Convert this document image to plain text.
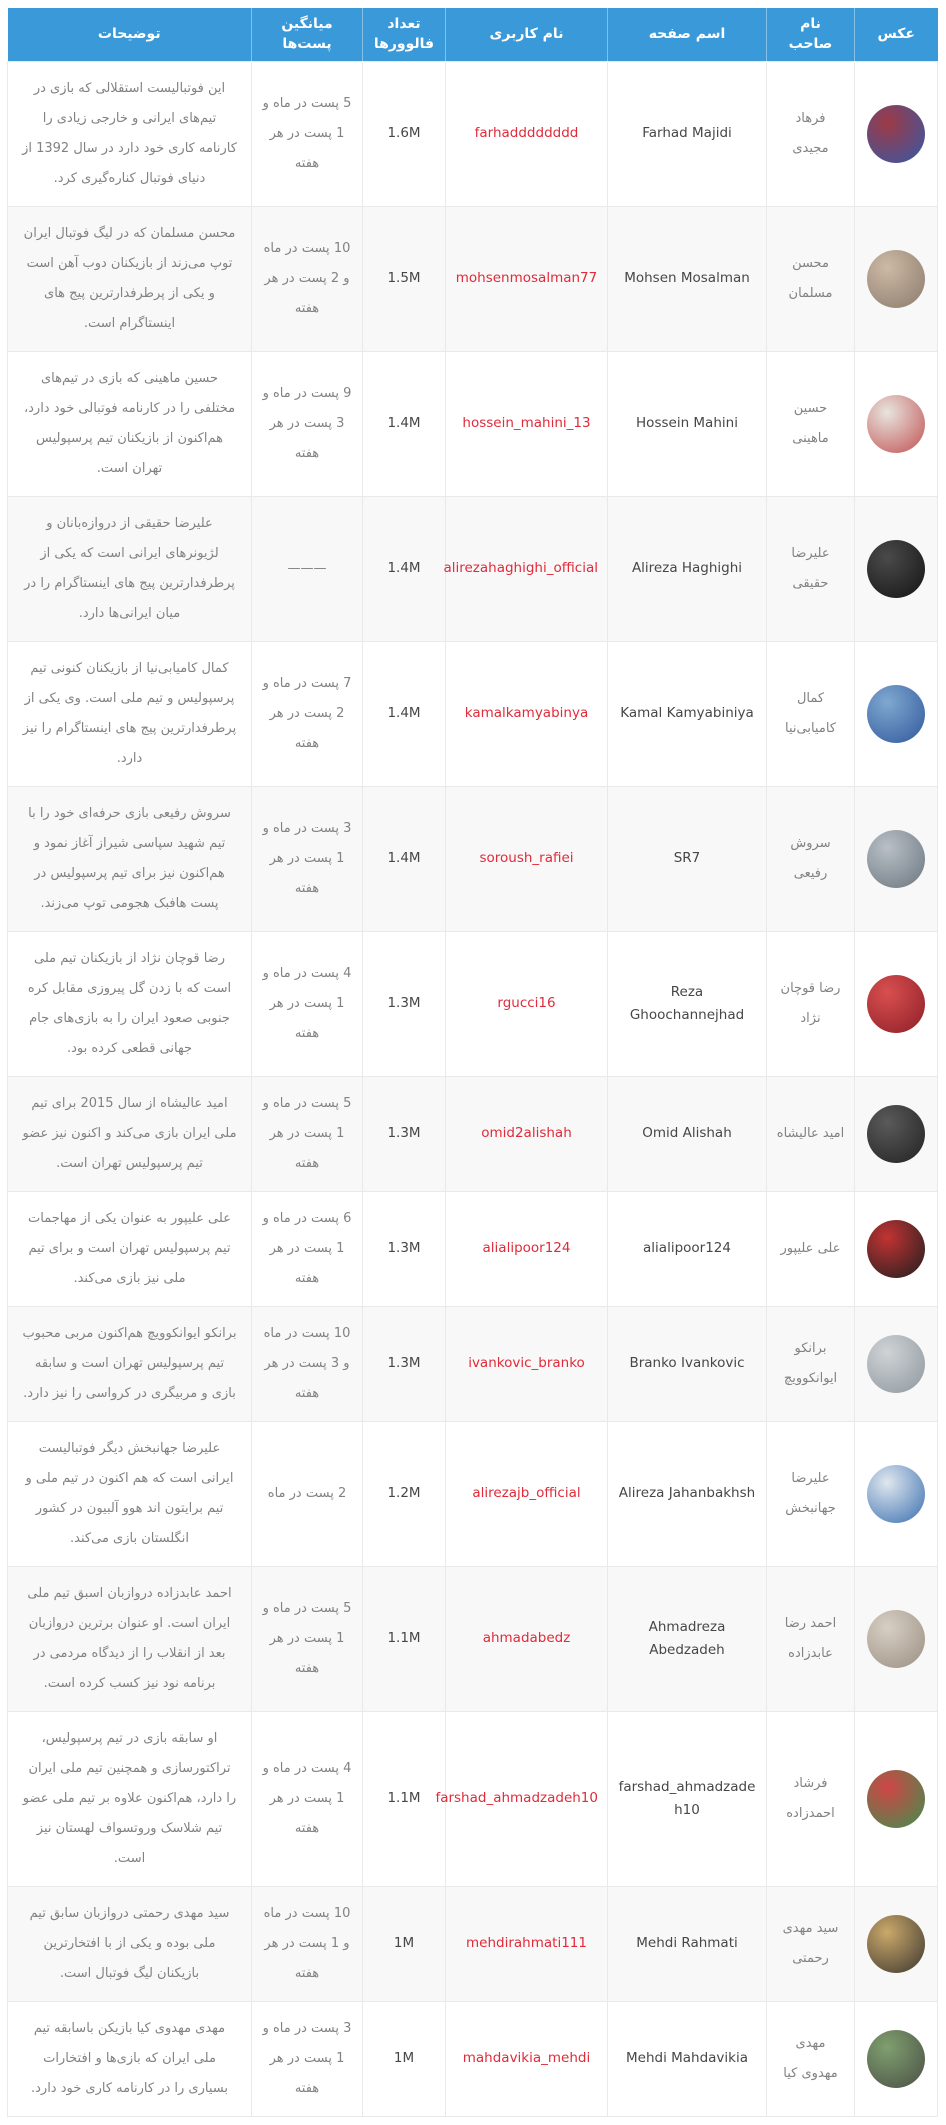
عکس	نام صاحب	اسم صفحه	نام کاربری	تعداد فالوورها	میانگین پست‌ها	توضیحات

	فرهاد مجیدی	Farhad Majidi	farhadddddddd	1.6M	5 پست در ماه و 1 پست در هر هفته	این فوتبالیست استقلالی که بازی در تیم‌های ایرانی و خارجی زیادی را کارنامه کاری خود دارد در سال 1392 از دنیای فوتبال کناره‌گیری کرد.

	محسن مسلمان	Mohsen Mosalman	mohsenmosalman77	1.5M	10 پست در ماه و 2 پست در هر هفته	محسن مسلمان که در لیگ فوتبال ایران توپ می‌زند از بازیکنان دوب آهن است و یکی از پرطرفدارترین پیج های اینستاگرام است.

	حسین ماهینی	Hossein Mahini	hossein_mahini_13	1.4M	9 پست در ماه و 3 پست در هر هفته	حسین ماهینی که بازی در تیم‌های مختلفی را در کارنامه فوتبالی خود دارد، هم‌اکنون از بازیکنان تیم پرسپولیس تهران است.

	علیرضا حقیقی	Alireza Haghighi	alirezahaghighi_official	1.4M	———	علیرضا حقیقی از دروازه‌بانان و لژیونرهای ایرانی است که یکی از پرطرفدارترین پیج های اینستاگرام را در میان ایرانی‌ها دارد.

	کمال کامیابی‌نیا	Kamal Kamyabiniya	kamalkamyabinya	1.4M	7 پست در ماه و 2 پست در هر هفته	کمال کامیابی‌نیا از بازیکنان کنونی تیم پرسپولیس و تیم ملی است. وی یکی از پرطرفدارترین پیج های اینستاگرام را نیز دارد.

	سروش رفیعی	SR7	soroush_rafiei	1.4M	3 پست در ماه و 1 پست در هر هفته	سروش رفیعی بازی حرفه‌ای خود را با تیم شهید سپاسی شیراز آغاز نمود و هم‌اکنون نیز برای تیم پرسپولیس در پست هافبک هجومی توپ می‌زند.

	رضا قوچان نژاد	Reza Ghoochannejhad	rgucci16	1.3M	4 پست در ماه و 1 پست در هر هفته	رضا قوچان نژاد از بازیکنان تیم ملی است که با زدن گل پیروزی مقابل کره جنوبی صعود ایران را به بازی‌های جام جهانی قطعی کرده بود.

	امید عالیشاه	Omid Alishah	omid2alishah	1.3M	5 پست در ماه و 1 پست در هر هفته	امید عالیشاه از سال 2015 برای تیم ملی ایران بازی می‌کند و اکنون نیز عضو تیم پرسپولیس تهران است.

	علی علیپور	alialipoor124	alialipoor124	1.3M	6 پست در ماه و 1 پست در هر هفته	علی علیپور به عنوان یکی از مهاجمات تیم پرسپولیس تهران است و برای تیم ملی نیز بازی می‌کند.

	برانکو ایوانکوویچ	Branko Ivankovic	ivankovic_branko	1.3M	10 پست در ماه و 3 پست در هر هفته	برانکو ایوانکوویچ هم‌اکنون مربی محبوب تیم پرسپولیس تهران است و سابقه بازی و مربیگری در کرواسی را نیز دارد.

	علیرضا جهانبخش	Alireza Jahanbakhsh	alirezajb_official	1.2M	2 پست در ماه	علیرضا جهانبخش دیگر فوتبالیست ایرانی است که هم اکنون در تیم ملی و تیم برایتون اند هوو آلبیون در کشور انگلستان بازی می‌کند.

	احمد رضا عابدزاده	Ahmadreza Abedzadeh	ahmadabedz	1.1M	5 پست در ماه و 1 پست در هر هفته	احمد عابدزاده دروازبان اسبق تیم ملی ایران است. او عنوان برترین دروازبان بعد از انقلاب را از دیدگاه مردمی در برنامه نود نیز کسب کرده است.

	فرشاد احمدزاده	farshad_ahmadzadeh10	farshad_ahmadzadeh10	1.1M	4 پست در ماه و 1 پست در هر هفته	او سابقه بازی در تیم پرسپولیس، تراکتورسازی و همچنین تیم ملی ایران را دارد، هم‌اکنون علاوه بر تیم ملی عضو تیم شلاسک وروتسواف لهستان نیز است.

	سید مهدی رحمتی	Mehdi Rahmati	mehdirahmati111	1M	10 پست در ماه و 1 پست در هر هفته	سید مهدی رحمتی دروازبان سابق تیم ملی بوده و یکی از با افتخارترین بازیکنان لیگ فوتبال است.

	مهدی مهدوی کیا	Mehdi Mahdavikia	mahdavikia_mehdi	1M	3 پست در ماه و 1 پست در هر هفته	مهدی مهدوی کیا بازیکن باسابقه تیم ملی ایران که بازی‌ها و افتخارات بسیاری را در کارنامه کاری خود دارد.
